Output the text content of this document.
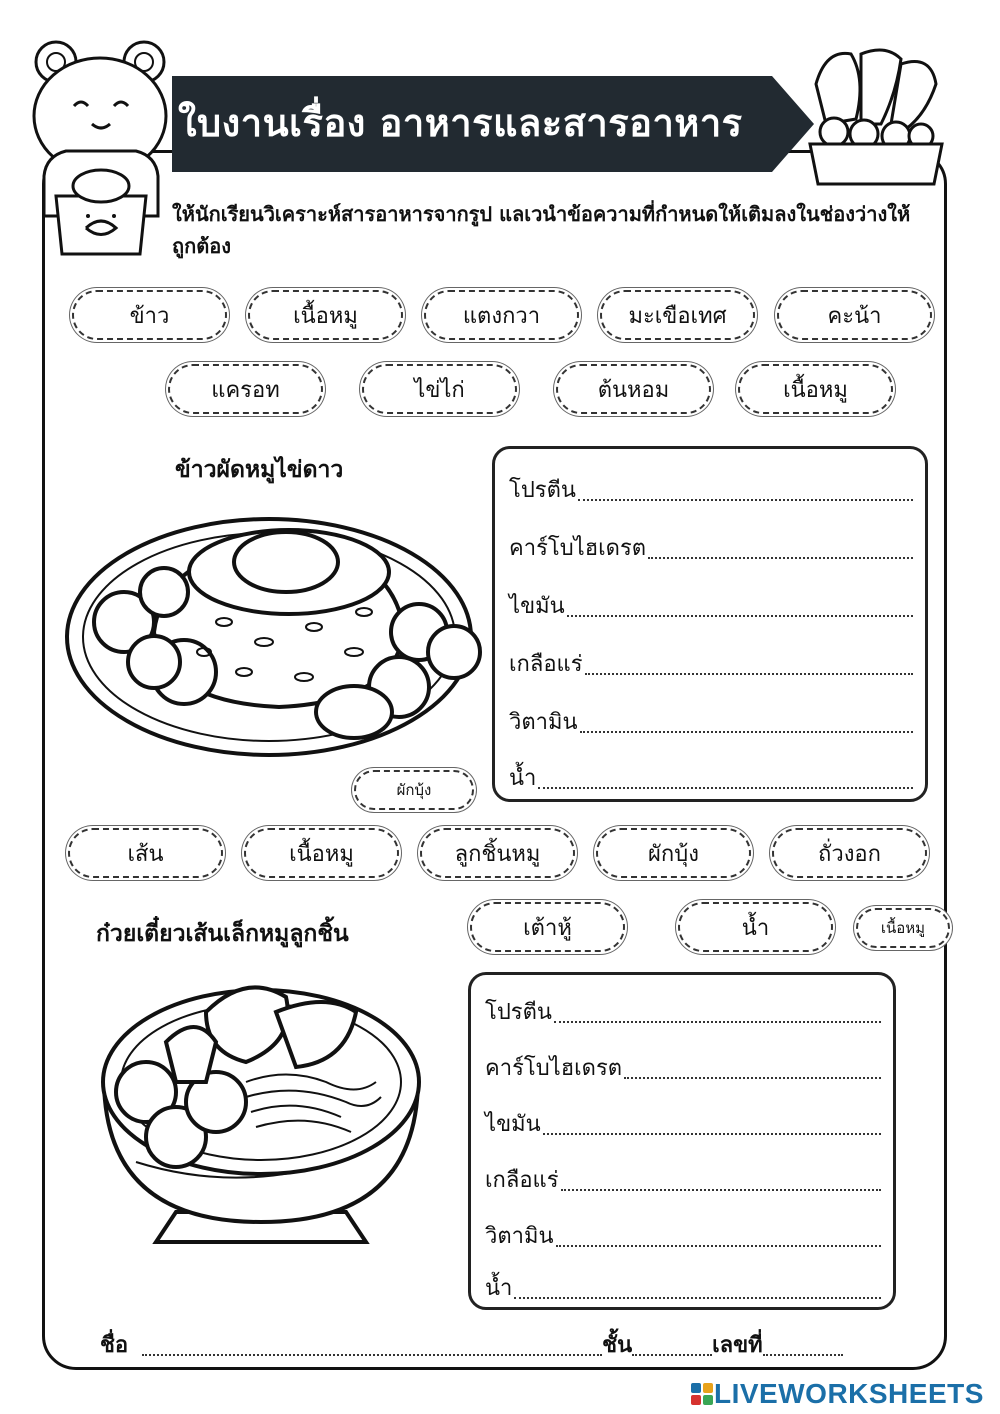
ใบงานเรื่อง อาหารและสารอาหาร
ให้นักเรียนวิเคราะห์สารอาหารจากรูป แลเวนำข้อความที่กำหนดให้เติมลงในช่องว่างให้ถูกต้อง
ข้าว	เนื้อหมู	แตงกวา	มะเขือเทศ	คะน้า
แครอท	ไข่ไก่	ต้นหอม	เนื้อหมู
ข้าวผัดหมูไข่ดาว
ผักบุ้ง
โปรตีน
คาร์โบไฮเดรต
ไขมัน
เกลือแร่
วิตามิน
น้ำ
เส้น	เนื้อหมู	ลูกชิ้นหมู	ผักบุ้ง	ถั่วงอก
ก๋วยเตี๋ยวเส้นเล็กหมูลูกชิ้น	เต้าหู้	น้ำ	เนื้อหมู
โปรตีน
คาร์โบไฮเดรต
ไขมัน
เกลือแร่
วิตามิน
น้ำ
ชื่อ	ชั้น	เลขที่
LIVEWORKSHEETS
